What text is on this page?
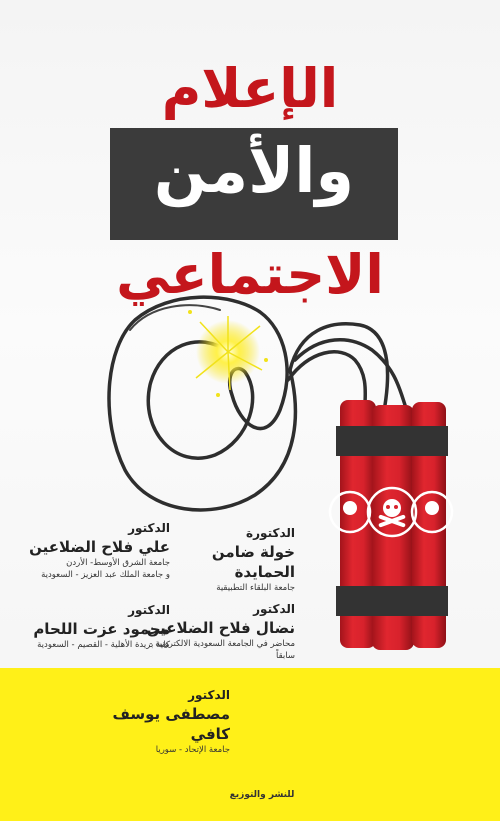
الإعلام
والأمن
الاجتماعي
الدكتورة
خولة ضامن الحمايدة
جامعة البلقاء التطبيقية
الدكتور
علي فلاح الضلاعين
جامعة الشرق الأوسط- الأردن
و جامعة الملك عبد العزيز - السعودية
الدكتور
نضال فلاح الضلاعين
محاضر في الجامعة السعودية الالكترونية - سابقاً
الدكتور
محمود عزت اللحام
كلية بريدة الأهلية - القصيم - السعودية
الدكتور
مصطفى يوسف كافي
جامعة الإتحاد - سوريا
للنشر والتوزيع
